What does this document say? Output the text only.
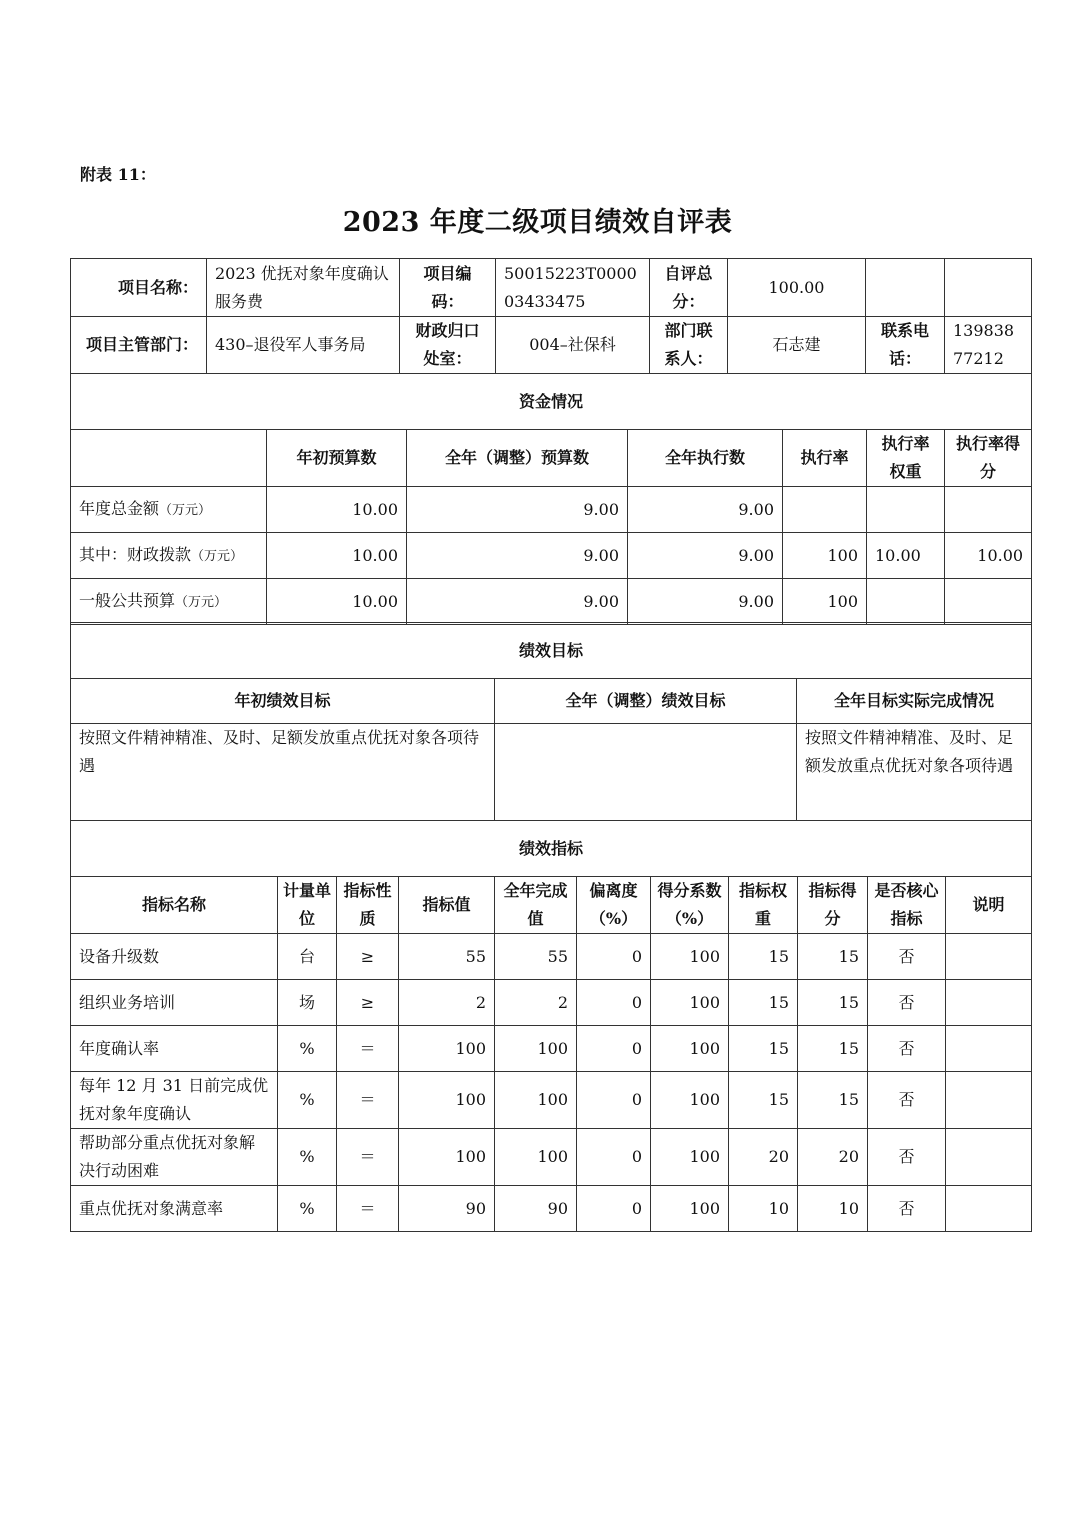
附表 11：
2023 年度二级项目绩效自评表
项目名称：	2023 优抚对象年度确认服务费	项目编码：	50015223T000003433475	自评总分：	100.00		
项目主管部门：	430–退役军人事务局	财政归口处室：	004–社保科	部门联系人：	石志建	联系电话：	13983877212
资金情况						
	年初预算数	全年（调整）预算数	全年执行数	执行率	执行率权重	执行率得分
年度总金额（万元）	10.00	9.00	9.00			
其中：财政拨款（万元）	10.00	9.00	9.00	100	10.00	10.00
一般公共预算（万元）	10.00	9.00	9.00	100		
绩效目标		
年初绩效目标	全年（调整）绩效目标	全年目标实际完成情况
按照文件精神精准、及时、足额发放重点优抚对象各项待遇		按照文件精神精准、及时、足额发放重点优抚对象各项待遇
绩效指标										
指标名称	计量单位	指标性质	指标值	全年完成值	偏离度（%）	得分系数（%）	指标权重	指标得分	是否核心指标	说明
设备升级数	台	≥	55	55	0	100	15	15	否	
组织业务培训	场	≥	2	2	0	100	15	15	否	
年度确认率	%	＝	100	100	0	100	15	15	否	
每年 12 月 31 日前完成优抚对象年度确认	%	＝	100	100	0	100	15	15	否	
帮助部分重点优抚对象解决行动困难	%	＝	100	100	0	100	20	20	否	
重点优抚对象满意率	%	＝	90	90	0	100	10	10	否	
